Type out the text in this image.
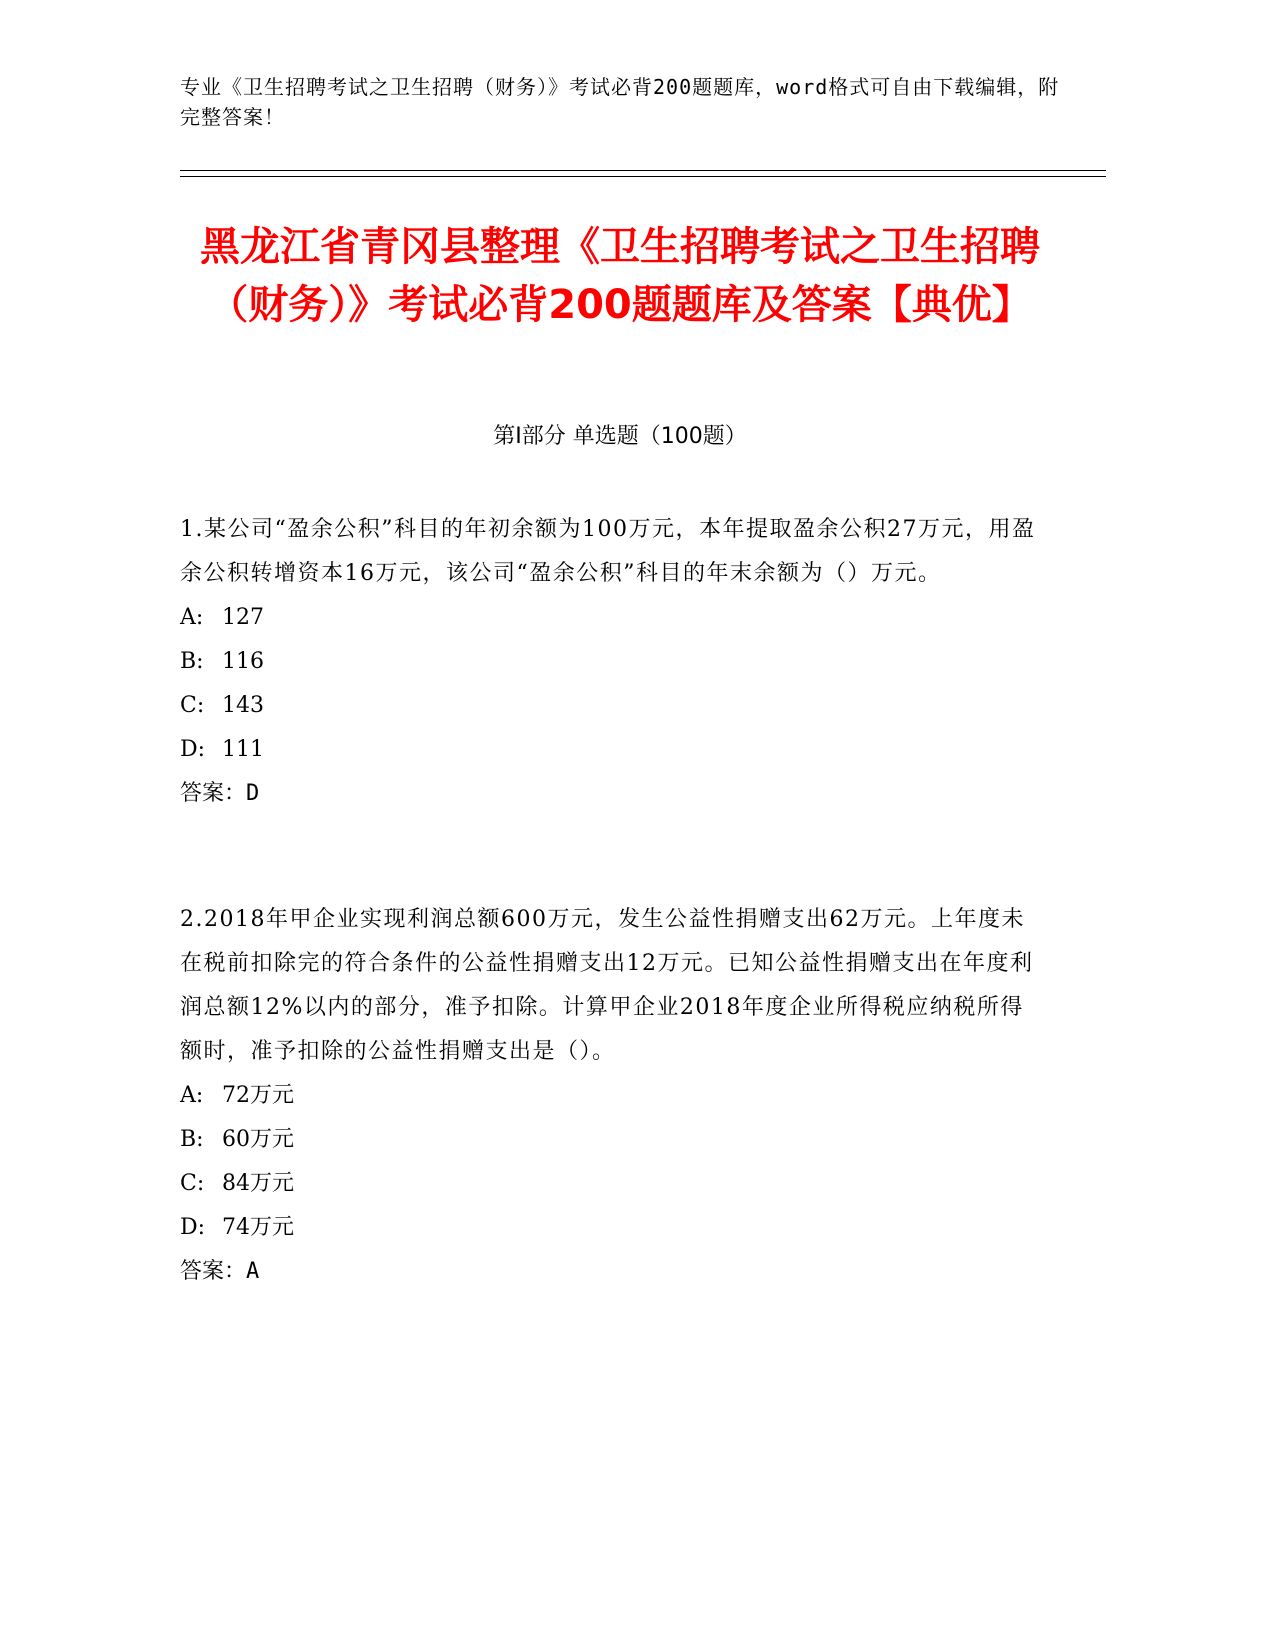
专业《卫生招聘考试之卫生招聘（财务）》考试必背200题题库，word格式可自由下载编辑，附完整答案！
黑龙江省青冈县整理《卫生招聘考试之卫生招聘（财务）》考试必背200题题库及答案【典优】
第Ⅰ部分 单选题（100题）
1.某公司“盈余公积”科目的年初余额为100万元，本年提取盈余公积27万元，用盈余公积转增资本16万元，该公司“盈余公积”科目的年末余额为（）万元。
A: 127
B: 116
C: 143
D: 111
答案：D
2.2018年甲企业实现利润总额600万元，发生公益性捐赠支出62万元。上年度未在税前扣除完的符合条件的公益性捐赠支出12万元。已知公益性捐赠支出在年度利润总额12%以内的部分，准予扣除。计算甲企业2018年度企业所得税应纳税所得额时，准予扣除的公益性捐赠支出是（）。
A: 72万元
B: 60万元
C: 84万元
D: 74万元
答案：A
